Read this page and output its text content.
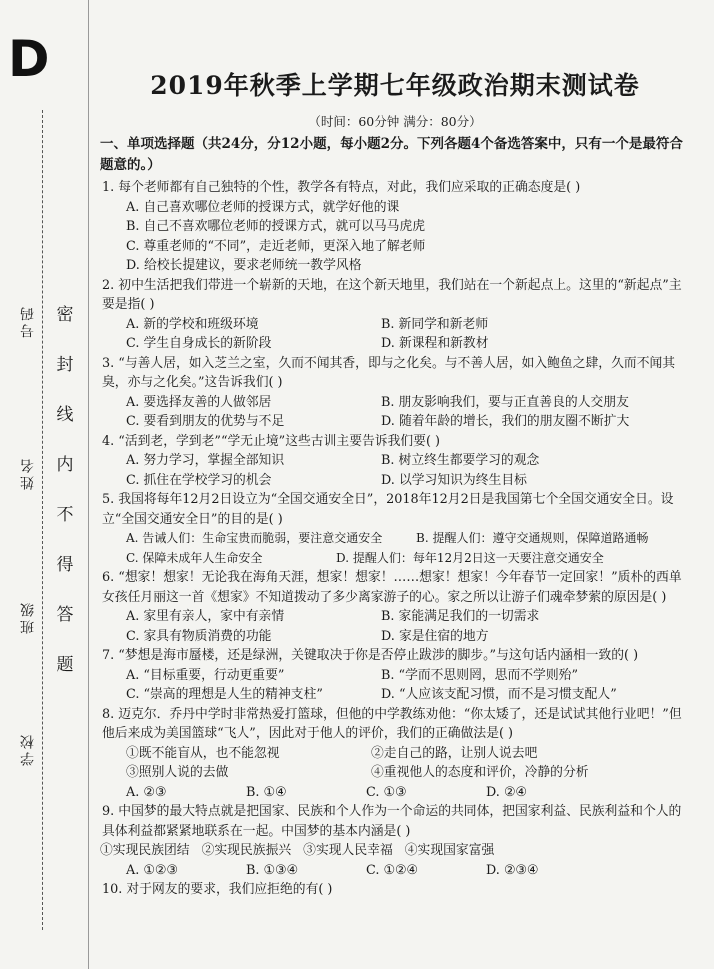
D
学校
班级
姓名
号码 密
封
线
内
不
得
答
题
2019年秋季上学期七年级政治期末测试卷
（时间：60分钟 满分：80分）
一、单项选择题（共24分，分12小题，每小题2分。下列各题4个备选答案中，只有一个是最符合题意的。）
1. 每个老师都有自己独特的个性，教学各有特点，对此，我们应采取的正确态度是( )
A. 自己喜欢哪位老师的授课方式，就学好他的课
B. 自己不喜欢哪位老师的授课方式，就可以马马虎虎
C. 尊重老师的“不同”，走近老师，更深入地了解老师
D. 给校长提建议，要求老师统一教学风格
2. 初中生活把我们带进一个崭新的天地，在这个新天地里，我们站在一个新起点上。这里的“新起点”主要是指( )
A. 新的学校和班级环境	B. 新同学和新老师
C. 学生自身成长的新阶段	D. 新课程和新教材
3. “与善人居，如入芝兰之室，久而不闻其香，即与之化矣。与不善人居，如入鲍鱼之肆，久而不闻其臭，亦与之化矣。”这告诉我们( )
A. 要选择友善的人做邻居	B. 朋友影响我们，要与正直善良的人交朋友
C. 要看到朋友的优势与不足	D. 随着年龄的增长，我们的朋友圈不断扩大
4. “活到老，学到老”“学无止境”这些古训主要告诉我们要( )
A. 努力学习，掌握全部知识	B. 树立终生都要学习的观念
C. 抓住在学校学习的机会	D. 以学习知识为终生目标
5. 我国将每年12月2日设立为“全国交通安全日”，2018年12月2日是我国第七个全国交通安全日。设立“全国交通安全日”的目的是( )
A. 告诫人们：生命宝贵而脆弱，要注意交通安全	B. 提醒人们：遵守交通规则，保障道路通畅
C. 保障未成年人生命安全	D. 提醒人们：每年12月2日这一天要注意交通安全
6. “想家！想家！无论我在海角天涯，想家！想家！……想家！想家！今年春节一定回家！”质朴的西单女孩任月丽这一首《想家》不知道拨动了多少离家游子的心。家之所以让游子们魂牵梦萦的原因是( )
A. 家里有亲人，家中有亲情	B. 家能满足我们的一切需求
C. 家具有物质消费的功能	D. 家是住宿的地方
7. “梦想是海市蜃楼，还是绿洲，关键取决于你是否停止跋涉的脚步。”与这句话内涵相一致的( )
A. “目标重要，行动更重要”	B. “学而不思则罔，思而不学则殆”
C. “崇高的理想是人生的精神支柱”	D. “人应该支配习惯，而不是习惯支配人”
8. 迈克尔．乔丹中学时非常热爱打篮球，但他的中学教练劝他：“你太矮了，还是试试其他行业吧！”但他后来成为美国篮球“飞人”，因此对于他人的评价，我们的正确做法是( )
①既不能盲从，也不能忽视	②走自己的路，让别人说去吧
③照别人说的去做	④重视他人的态度和评价，冷静的分析
A. ②③	B. ①④	C. ①③	D. ②④
9. 中国梦的最大特点就是把国家、民族和个人作为一个命运的共同体，把国家利益、民族利益和个人的具体利益都紧紧地联系在一起。中国梦的基本内涵是( )
①实现民族团结 ②实现民族振兴 ③实现人民幸福 ④实现国家富强
A. ①②③	B. ①③④	C. ①②④	D. ②③④
10. 对于网友的要求，我们应拒绝的有( )
